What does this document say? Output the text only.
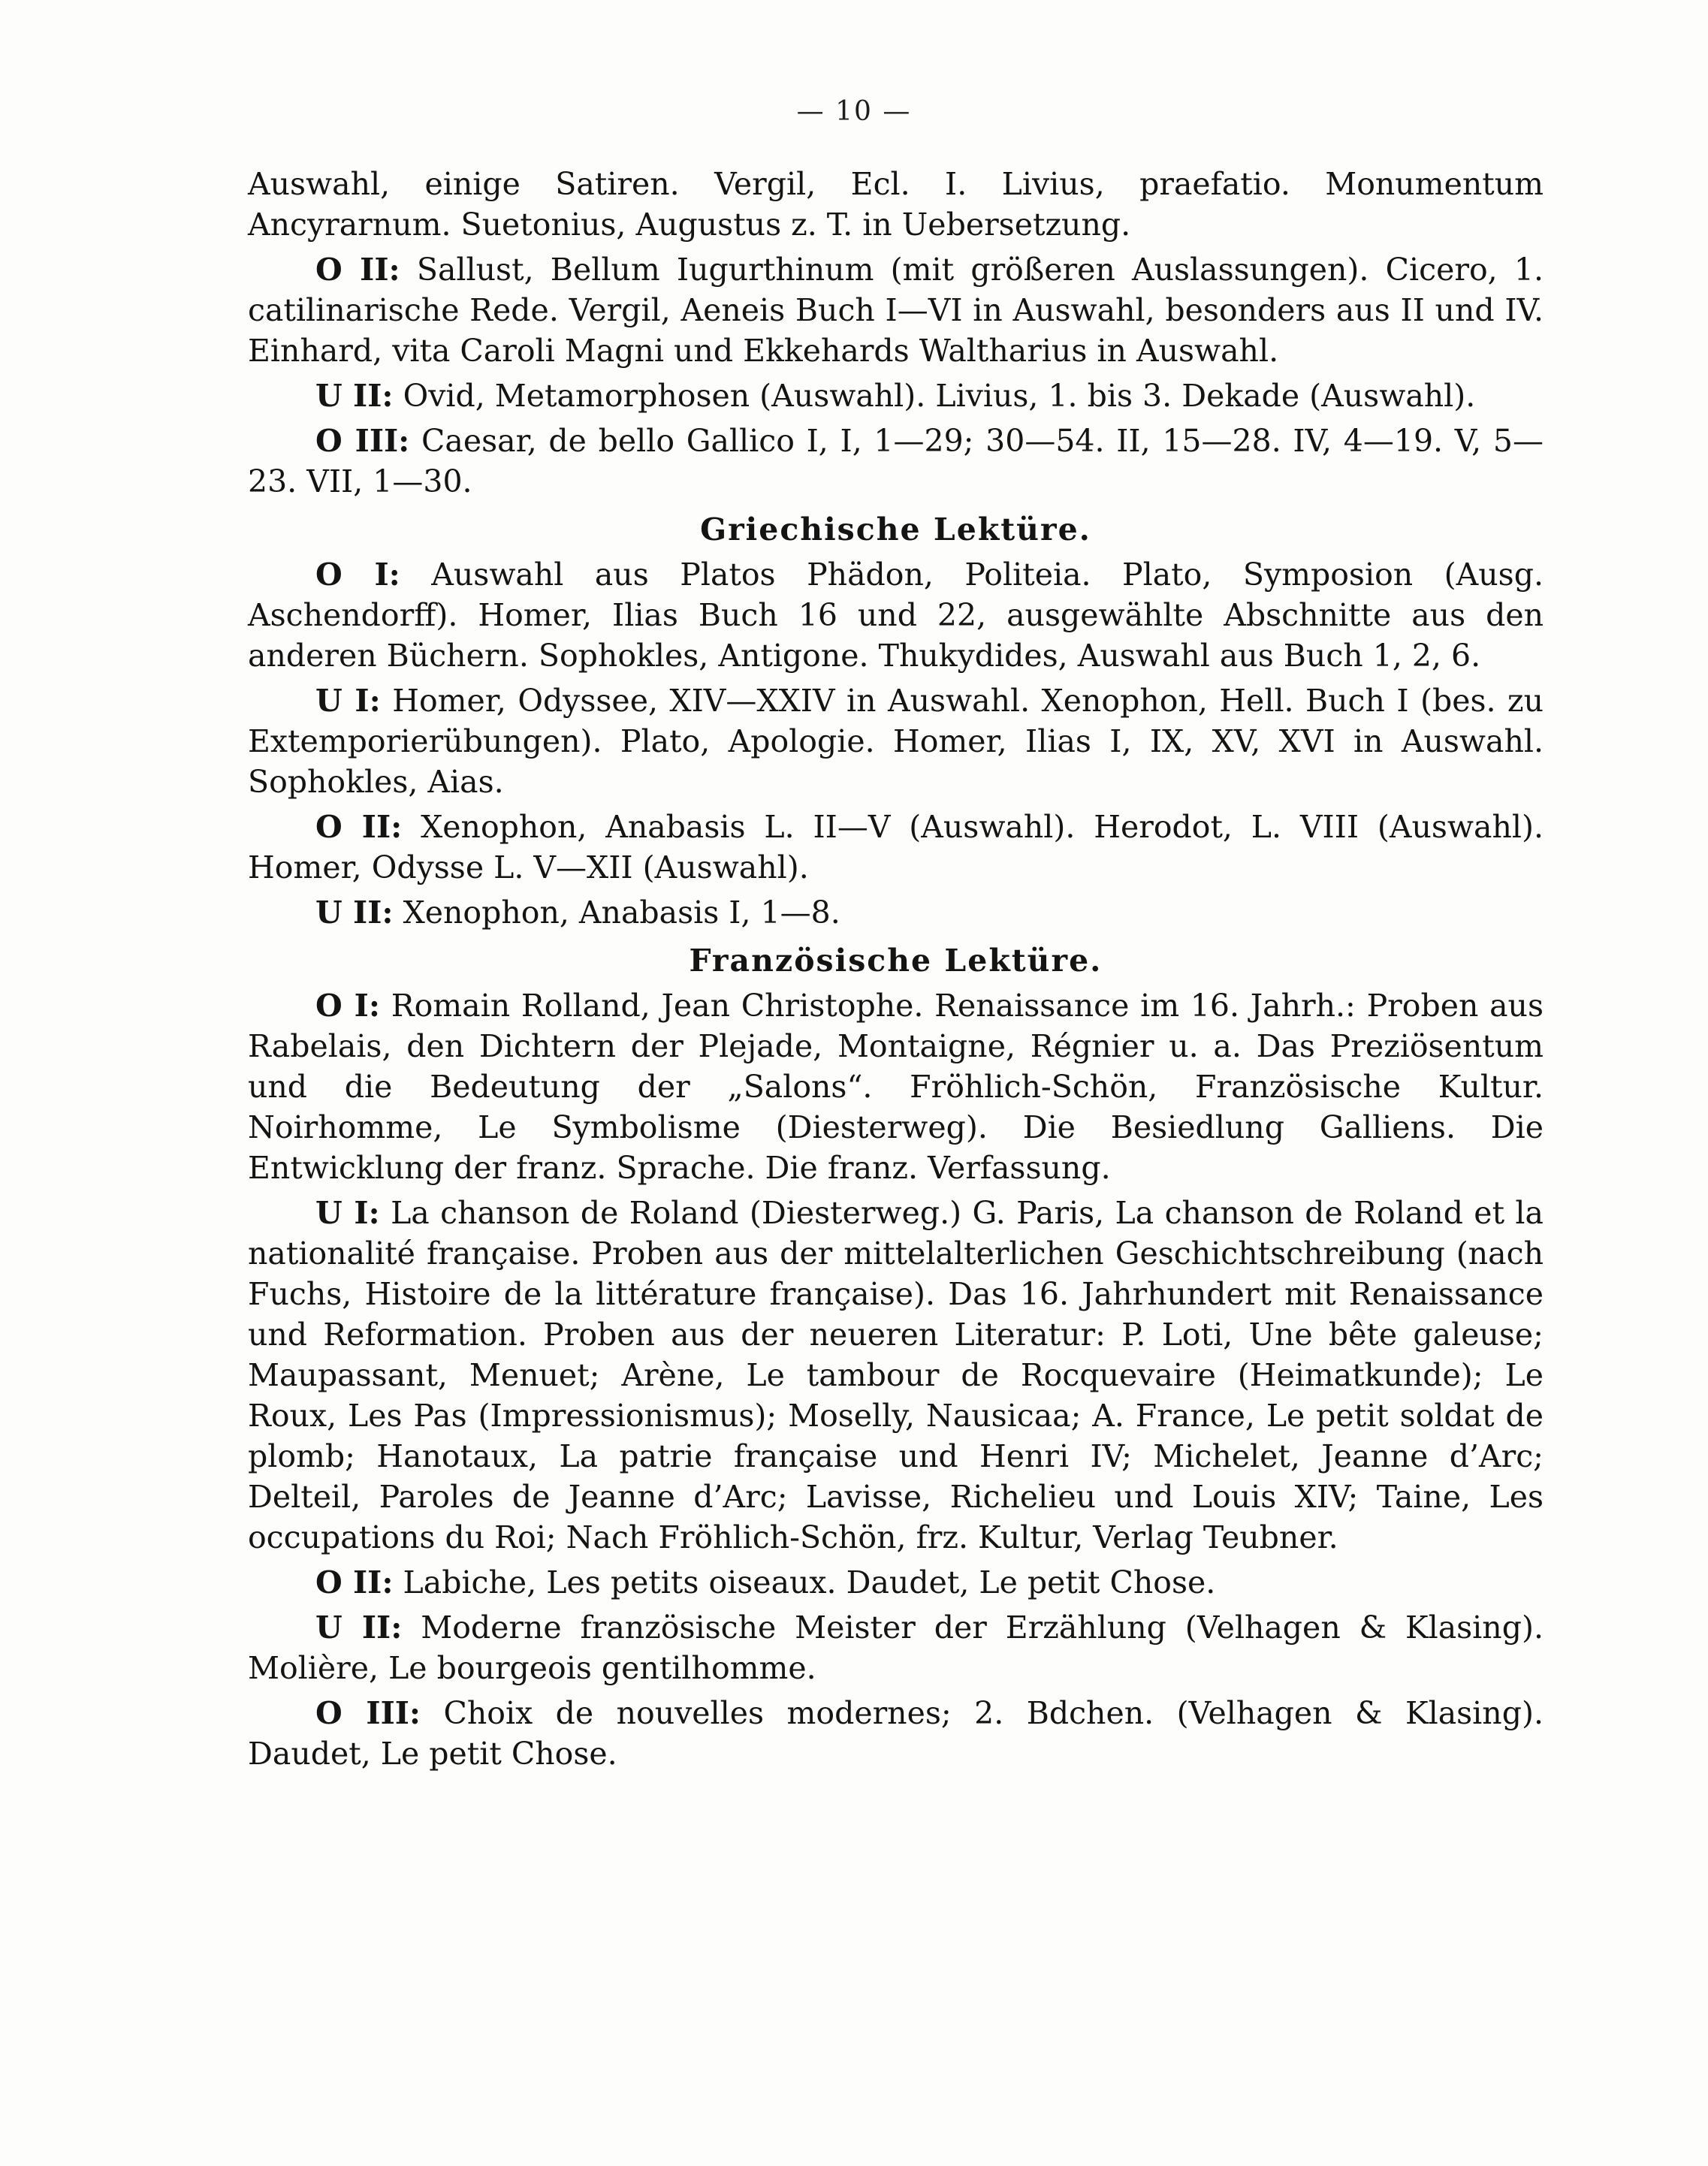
— 10 —

Auswahl, einige Satiren. Vergil, Ecl. I. Livius, praefatio. Monumentum Ancyrarnum. Suetonius, Augustus z. T. in Uebersetzung.

O II: Sallust, Bellum Iugurthinum (mit größeren Auslassungen). Cicero, 1. catilinarische Rede. Vergil, Aeneis Buch I—VI in Auswahl, besonders aus II und IV. Einhard, vita Caroli Magni und Ekkehards Waltharius in Auswahl.

U II: Ovid, Metamorphosen (Auswahl). Livius, 1. bis 3. Dekade (Auswahl).

O III: Caesar, de bello Gallico I, I, 1—29; 30—54. II, 15—28. IV, 4—19. V, 5—23. VII, 1—30.

Griechische Lektüre.

O I: Auswahl aus Platos Phädon, Politeia. Plato, Symposion (Ausg. Aschendorff). Homer, Ilias Buch 16 und 22, ausgewählte Abschnitte aus den anderen Büchern. Sophokles, Antigone. Thukydides, Auswahl aus Buch 1, 2, 6.

U I: Homer, Odyssee, XIV—XXIV in Auswahl. Xenophon, Hell. Buch I (bes. zu Extemporierübungen). Plato, Apologie. Homer, Ilias I, IX, XV, XVI in Auswahl. Sophokles, Aias.

O II: Xenophon, Anabasis L. II—V (Auswahl). Herodot, L. VIII (Auswahl). Homer, Odysse L. V—XII (Auswahl).

U II: Xenophon, Anabasis I, 1—8.

Französische Lektüre.

O I: Romain Rolland, Jean Christophe. Renaissance im 16. Jahrh.: Proben aus Rabelais, den Dichtern der Plejade, Montaigne, Régnier u. a. Das Preziösentum und die Bedeutung der „Salons“. Fröhlich-Schön, Französische Kultur. Noirhomme, Le Symbolisme (Diesterweg). Die Besiedlung Galliens. Die Entwicklung der franz. Sprache. Die franz. Verfassung.

U I: La chanson de Roland (Diesterweg.) G. Paris, La chanson de Roland et la nationalité française. Proben aus der mittelalterlichen Geschichtschreibung (nach Fuchs, Histoire de la littérature française). Das 16. Jahrhundert mit Renaissance und Reformation. Proben aus der neueren Literatur: P. Loti, Une bête galeuse; Maupassant, Menuet; Arène, Le tambour de Rocquevaire (Heimatkunde); Le Roux, Les Pas (Impressionismus); Moselly, Nausicaa; A. France, Le petit soldat de plomb; Hanotaux, La patrie française und Henri IV; Michelet, Jeanne d’Arc; Delteil, Paroles de Jeanne d’Arc; Lavisse, Richelieu und Louis XIV; Taine, Les occupations du Roi; Nach Fröhlich-Schön, frz. Kultur, Verlag Teubner.

O II: Labiche, Les petits oiseaux. Daudet, Le petit Chose.

U II: Moderne französische Meister der Erzählung (Velhagen & Klasing). Molière, Le bourgeois gentilhomme.

O III: Choix de nouvelles modernes; 2. Bdchen. (Velhagen & Klasing). Daudet, Le petit Chose.
